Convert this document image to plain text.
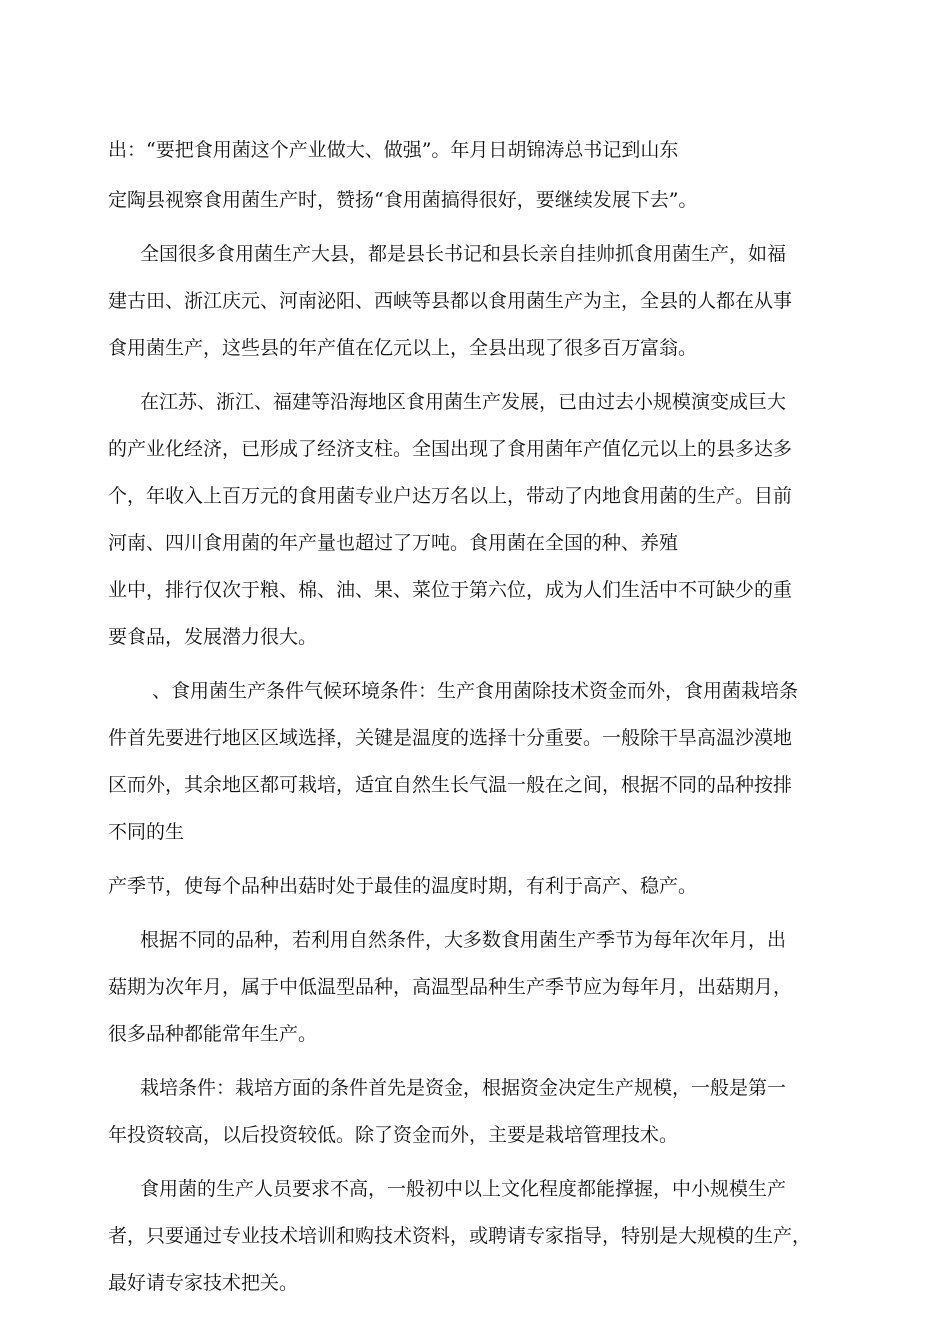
出：“要把食用菌这个产业做大、做强”。年月日胡锦涛总书记到山东
定陶县视察食用菌生产时，赞扬“食用菌搞得很好，要继续发展下去”。
全国很多食用菌生产大县，都是县长书记和县长亲自挂帅抓食用菌生产，如福
建古田、浙江庆元、河南泌阳、西峡等县都以食用菌生产为主，全县的人都在从事
食用菌生产，这些县的年产值在亿元以上，全县出现了很多百万富翁。
在江苏、浙江、福建等沿海地区食用菌生产发展，已由过去小规模演变成巨大
的产业化经济，已形成了经济支柱。全国出现了食用菌年产值亿元以上的县多达多
个，年收入上百万元的食用菌专业户达万名以上，带动了内地食用菌的生产。目前
河南、四川食用菌的年产量也超过了万吨。食用菌在全国的种、养殖
业中，排行仅次于粮、棉、油、果、菜位于第六位，成为人们生活中不可缺少的重
要食品，发展潜力很大。
、食用菌生产条件气候环境条件：生产食用菌除技术资金而外，食用菌栽培条
件首先要进行地区区域选择，关键是温度的选择十分重要。一般除干旱高温沙漠地
区而外，其余地区都可栽培，适宜自然生长气温一般在之间，根据不同的品种按排
不同的生
产季节，使每个品种出菇时处于最佳的温度时期，有利于高产、稳产。
根据不同的品种，若利用自然条件，大多数食用菌生产季节为每年次年月，出
菇期为次年月，属于中低温型品种，高温型品种生产季节应为每年月，出菇期月，
很多品种都能常年生产。
栽培条件：栽培方面的条件首先是资金，根据资金决定生产规模，一般是第一
年投资较高，以后投资较低。除了资金而外，主要是栽培管理技术。
食用菌的生产人员要求不高，一般初中以上文化程度都能撑握，中小规模生产
者，只要通过专业技术培训和购技术资料，或聘请专家指导，特别是大规模的生产，
最好请专家技术把关。
